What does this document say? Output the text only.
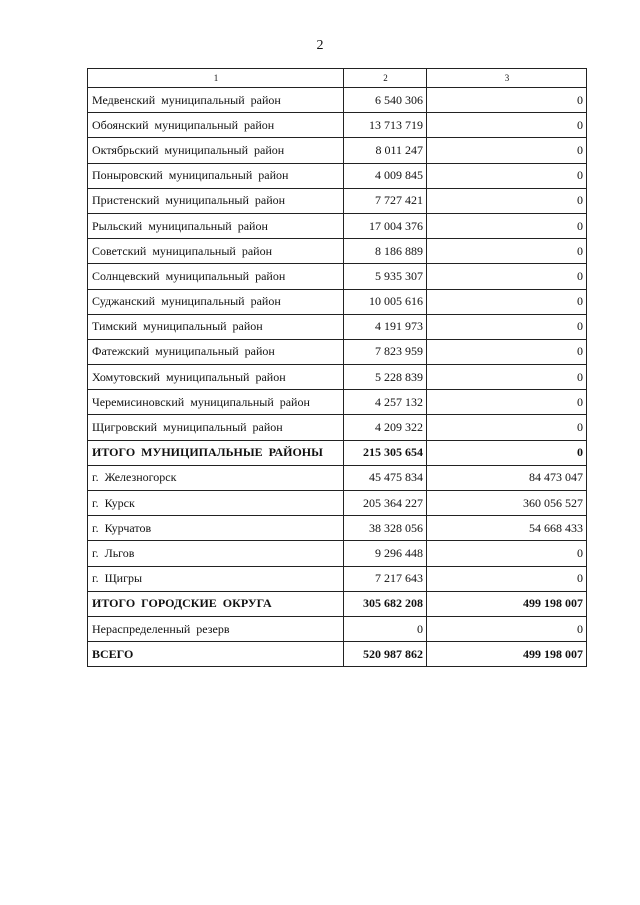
2
1	2	3
Медвенский муниципальный район	6 540 306	0
Обоянский муниципальный район	13 713 719	0
Октябрьский муниципальный район	8 011 247	0
Поныровский муниципальный район	4 009 845	0
Пристенский муниципальный район	7 727 421	0
Рыльский муниципальный район	17 004 376	0
Советский муниципальный район	8 186 889	0
Солнцевский муниципальный район	5 935 307	0
Суджанский муниципальный район	10 005 616	0
Тимский муниципальный район	4 191 973	0
Фатежский муниципальный район	7 823 959	0
Хомутовский муниципальный район	5 228 839	0
Черемисиновский муниципальный район	4 257 132	0
Щигровский муниципальный район	4 209 322	0
ИТОГО МУНИЦИПАЛЬНЫЕ РАЙОНЫ	215 305 654	0
г. Железногорск	45 475 834	84 473 047
г. Курск	205 364 227	360 056 527
г. Курчатов	38 328 056	54 668 433
г. Льгов	9 296 448	0
г. Щигры	7 217 643	0
ИТОГО ГОРОДСКИЕ ОКРУГА	305 682 208	499 198 007
Нераспределенный резерв	0	0
ВСЕГО	520 987 862	499 198 007
